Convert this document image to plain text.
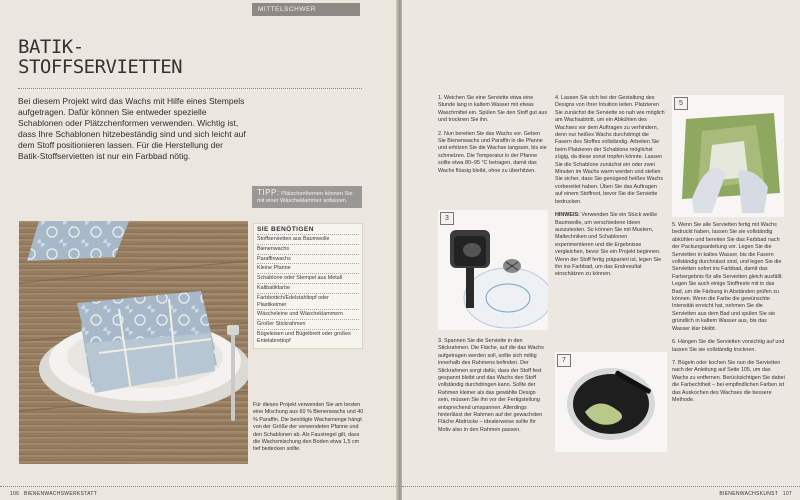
MITTELSCHWER
BATIK-
STOFFSERVIETTEN

Bei diesem Projekt wird das Wachs mit Hilfe eines Stempels aufgetragen. Dafür können Sie entweder spezielle Schablonen oder Plätzchenformen verwenden. Wichtig ist, dass Ihre Schablonen hitzebeständig sind und sich leicht auf dem Stoff positionieren lassen. Für die Herstellung der Batik-Stoffservietten ist nur ein Farbbad nötig.

TIPP: Plätzchenformen können Sie mit einer Wäscheklammer anfassen.
SIE BENÖTIGEN
Stoffservietten aus Baumwolle
Bienenwachs
Paraffinwachs
Kleine Pfanne
Schablone oder Stempel aus Metall
Kaltbatikfarbe
Farbbottich/Edelstahltopf oder Plastikeimer
Wäscheleine und Wäscheklammern
Großer Stickrahmen
Bügeleisen und Bügelbrett oder großes Entelabrettopf

Für dieses Projekt verwenden Sie am besten eine Mischung aus 60 % Bienenwachs und 40 % Paraffin. Die benötigte Wachsmenge hängt von der Größe der verwendeten Pfanne und den Schablonen ab. Als Faustregel gilt, dass die Wachsmischung den Boden etwa 1,5 cm tief bedecken sollte.

106 BIENENWACHSWERKSTATT

1. Weichen Sie eine Serviette etwa eine Stunde lang in kaltem Wasser mit etwas Waschmittel ein. Spülen Sie den Stoff gut aus und trocknen Sie ihn.

2. Nun bereiten Sie das Wachs vor. Geben Sie Bienenwachs und Paraffin in die Pfanne und erhitzen Sie die Wachse langsam, bis sie schmelzen. Die Temperatur in der Pfanne sollte etwa 80–95 °C betragen, damit das Wachs flüssig bleibt, ohne zu überhitzen.

3

3. Spannen Sie die Serviette in den Stickrahmen. Die Fläche, auf die das Wachs aufgetragen werden soll, sollte sich mittig innerhalb des Rahmens befinden. Der Stickrahmen sorgt dafür, dass der Stoff fest gespannt bleibt und das Wachs den Stoff vollständig durchdringen kann. Sollte der Rahmen kleiner als das gewählte Design sein, müssen Sie ihn vor der Fertigstellung entsprechend umspannen. Allerdings hinterlässt der Rahmen auf der gewachsten Fläche Abdrücke – idealerweise sollte Ihr Motiv also in den Rahmen passen.

4. Lassen Sie sich bei der Gestaltung des Designs von Ihrer Intuition leiten. Platzieren Sie zunächst die Serviette so nah wie möglich am Wachsabtritt, um ein Abkühlen des Wachses vor dem Auftragen zu verhindern, denn nur heißes Wachs durchdringt die Fasern des Stoffes vollständig. Arbeiten Sie beim Platzieren der Schablone möglichst zügig, da diese sonst tropfen könnte. Lassen Sie die Schablone zunächst ein oder zwei Minuten im Wachs warm werden und stellen Sie sicher, dass Sie genügend heißes Wachs vorbereitet haben. Üben Sie das Auftragen auf einem Stoffrest, bevor Sie die Serviette bedrucken.

HINWEIS: Verwenden Sie ein Stück weiße Baumwolle, um verschiedene Ideen auszutesten. So können Sie mit Mustern, Maltechniken und Schablonen experimentieren und die Ergebnisse vergleichen, bevor Sie ein Projekt beginnen. Wenn der Stoff fertig präpariert ist, legen Sie ihn ins Farbbad, um das Endresultat einschätzen zu können.

7
5

5. Wenn Sie alle Servietten fertig mit Wachs bedruckt haben, lassen Sie sie vollständig abkühlen und bereiten Sie das Farbbad nach der Packungsanleitung vor. Legen Sie die Servietten in kaltes Wasser, bis die Fasern vollständig durchnässt sind, und legen Sie die Servietten sofort ins Farbbad, damit das Farbergebnis für alle Servietten gleich ausfällt. Legen Sie auch einige Stoffreste mit in das Bad, um die Färbung in Abständen prüfen zu können. Wenn die Farbe die gewünschte Intensität erreicht hat, nehmen Sie die Servietten aus dem Bad und spülen Sie sie gründlich in kaltem Wasser aus, bis das Wasser klar bleibt.

6. Hängen Sie die Servietten vorsichtig auf und lassen Sie sie vollständig trocknen.

7. Bügeln oder kochen Sie nun die Servietten nach der Anleitung auf Seite 105, um das Wachs zu entfernen. Berücksichtigen Sie dabei die Farbechtheit – bei empfindlichen Farben ist das Auskochen des Wachses die bessere Methode.

BIENENWACHSKUNST 107
